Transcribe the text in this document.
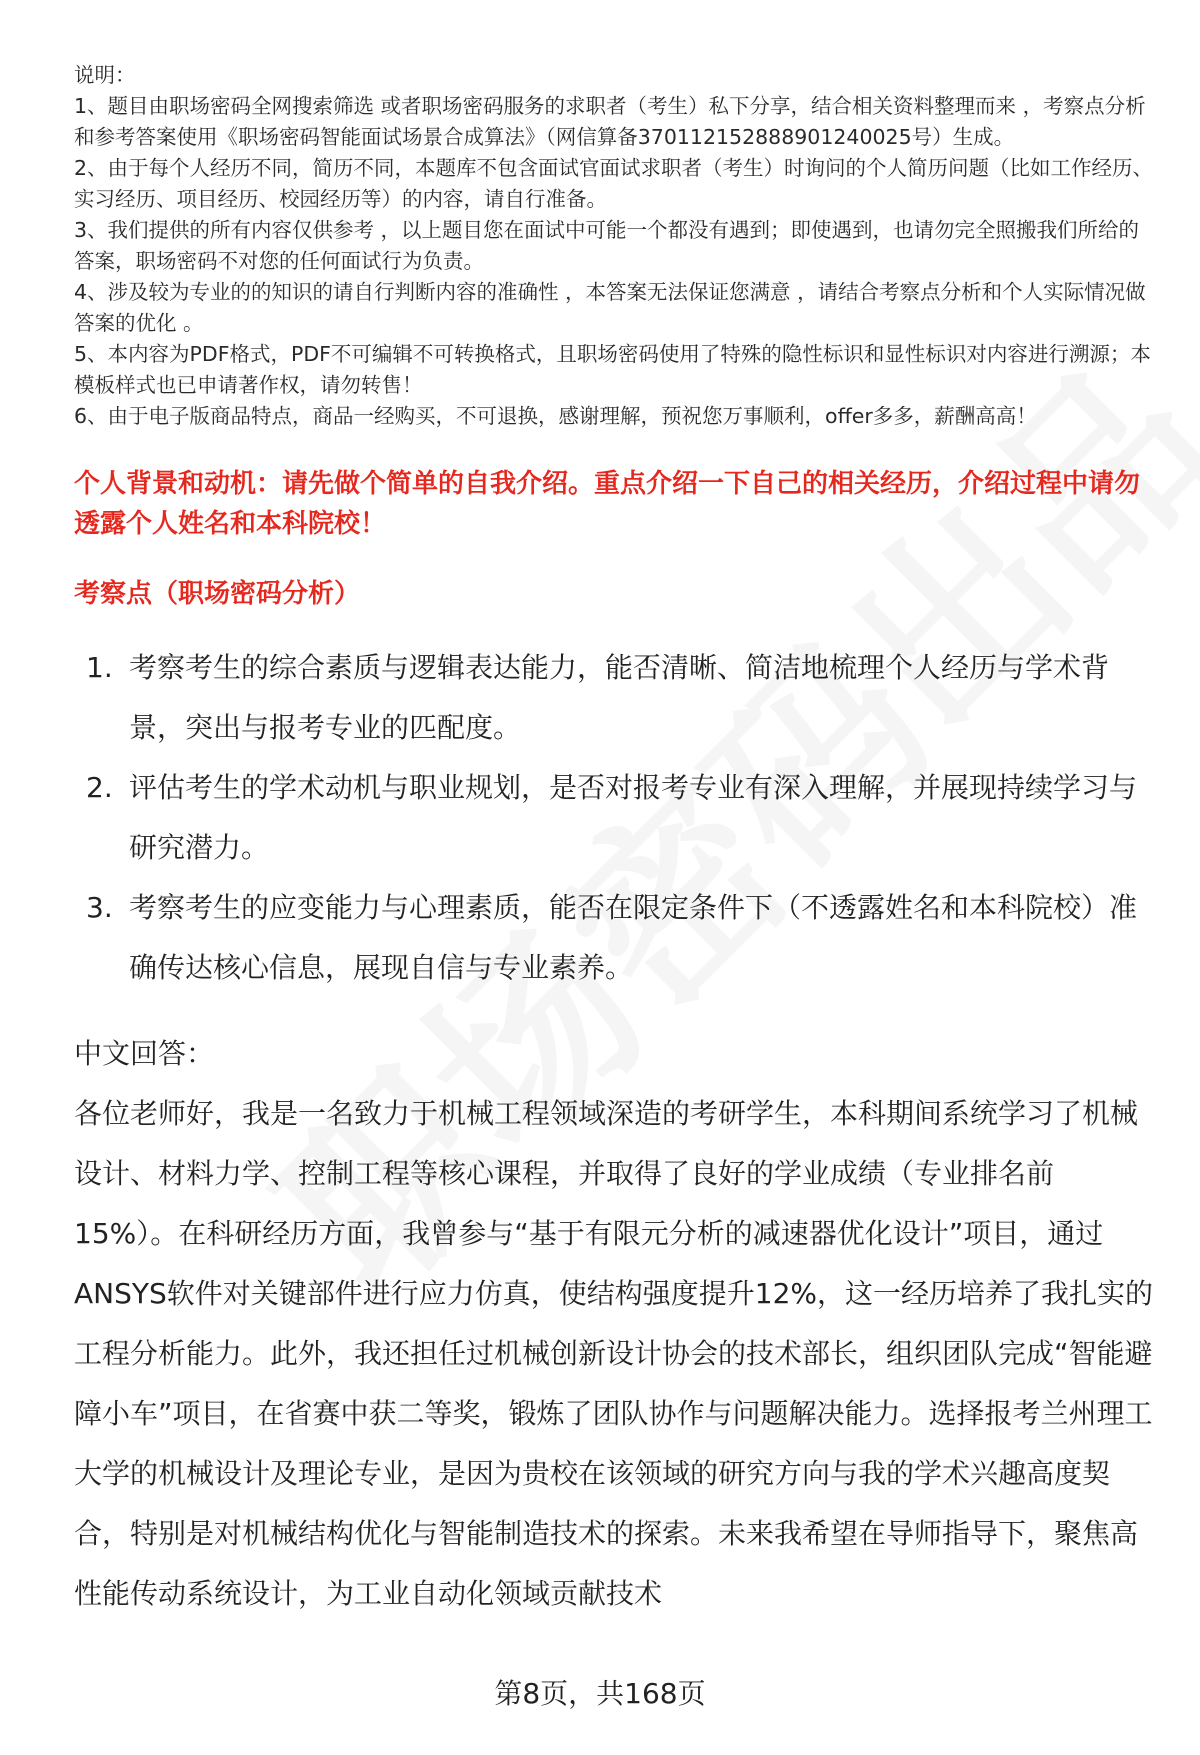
说明：

1、题目由职场密码全网搜索筛选 或者职场密码服务的求职者（考生）私下分享，结合相关资料整理而来 ，考察点分析和参考答案使用《职场密码智能面试场景合成算法》（网信算备370112152888901240025号）生成。

2、由于每个人经历不同，简历不同，本题库不包含面试官面试求职者（考生）时询问的个人简历问题（比如工作经历、实习经历、项目经历、校园经历等）的内容，请自行准备。

3、我们提供的所有内容仅供参考 ，以上题目您在面试中可能一个都没有遇到；即使遇到，也请勿完全照搬我们所给的答案，职场密码不对您的任何面试行为负责。

4、涉及较为专业的的知识的请自行判断内容的准确性 ，本答案无法保证您满意 ，请结合考察点分析和个人实际情况做答案的优化 。

5、本内容为PDF格式，PDF不可编辑不可转换格式，且职场密码使用了特殊的隐性标识和显性标识对内容进行溯源；本模板样式也已申请著作权，请勿转售！

6、由于电子版商品特点，商品一经购买，不可退换，感谢理解，预祝您万事顺利，offer多多，薪酬高高！

个人背景和动机：请先做个简单的自我介绍。重点介绍一下自己的相关经历，介绍过程中请勿透露个人姓名和本科院校！
考察点（职场密码分析）
1. 考察考生的综合素质与逻辑表达能力，能否清晰、简洁地梳理个人经历与学术背景，突出与报考专业的匹配度。
2. 评估考生的学术动机与职业规划，是否对报考专业有深入理解，并展现持续学习与研究潜力。
3. 考察考生的应变能力与心理素质，能否在限定条件下（不透露姓名和本科院校）准确传达核心信息，展现自信与专业素养。
中文回答：

各位老师好，我是一名致力于机械工程领域深造的考研学生，本科期间系统学习了机械设计、材料力学、控制工程等核心课程，并取得了良好的学业成绩（专业排名前15%）。在科研经历方面，我曾参与“基于有限元分析的减速器优化设计”项目，通过ANSYS软件对关键部件进行应力仿真，使结构强度提升12%，这一经历培养了我扎实的工程分析能力。此外，我还担任过机械创新设计协会的技术部长，组织团队完成“智能避障小车”项目，在省赛中获二等奖，锻炼了团队协作与问题解决能力。选择报考兰州理工大学的机械设计及理论专业，是因为贵校在该领域的研究方向与我的学术兴趣高度契合，特别是对机械结构优化与智能制造技术的探索。未来我希望在导师指导下，聚焦高性能传动系统设计，为工业自动化领域贡献技术

第8页，共168页
